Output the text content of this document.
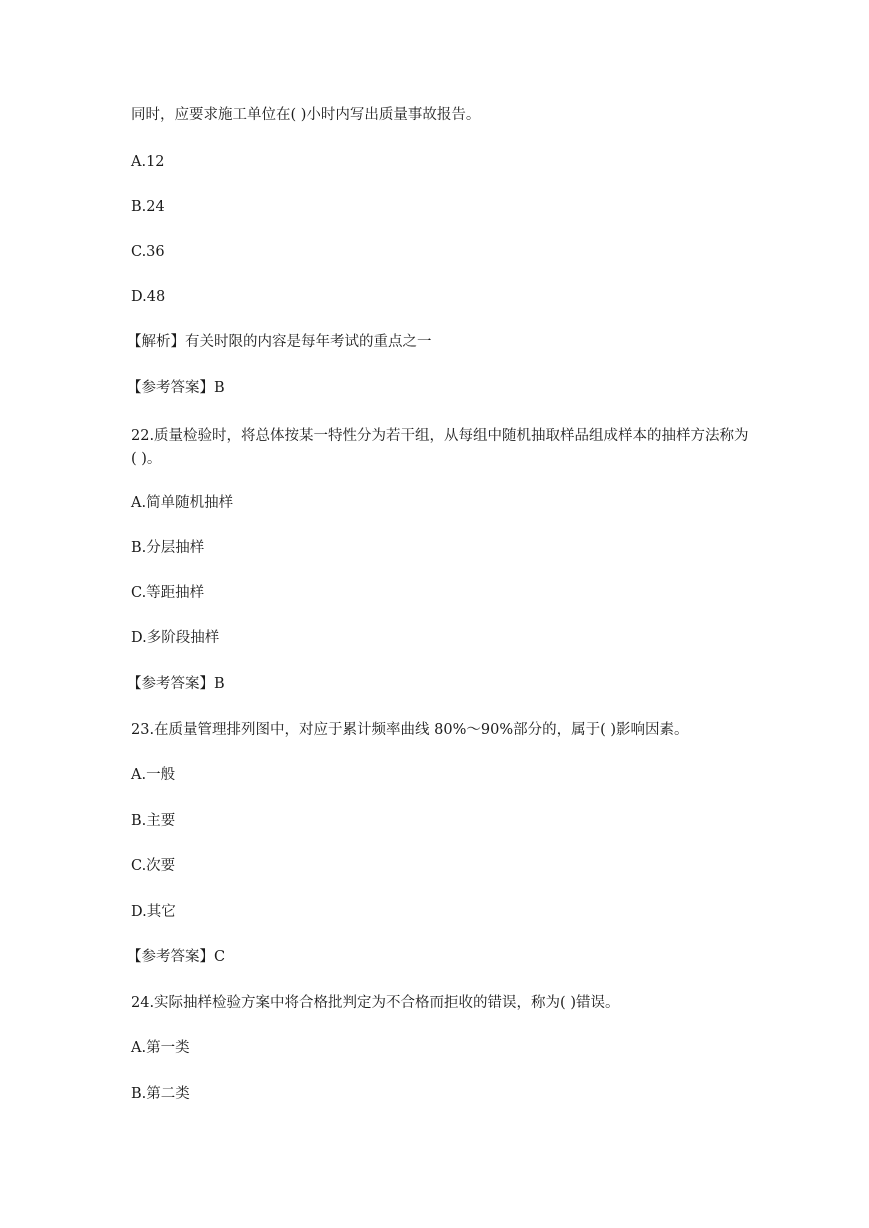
同时，应要求施工单位在( )小时内写出质量事故报告。
A.12
B.24
C.36
D.48
【解析】有关时限的内容是每年考试的重点之一
【参考答案】B
22.质量检验时，将总体按某一特性分为若干组，从每组中随机抽取样品组成样本的抽样方法称为( )。
A.简单随机抽样
B.分层抽样
C.等距抽样
D.多阶段抽样
【参考答案】B
23.在质量管理排列图中，对应于累计频率曲线 80%～90%部分的，属于( )影响因素。
A.一般
B.主要
C.次要
D.其它
【参考答案】C
24.实际抽样检验方案中将合格批判定为不合格而拒收的错误，称为( )错误。
A.第一类
B.第二类
